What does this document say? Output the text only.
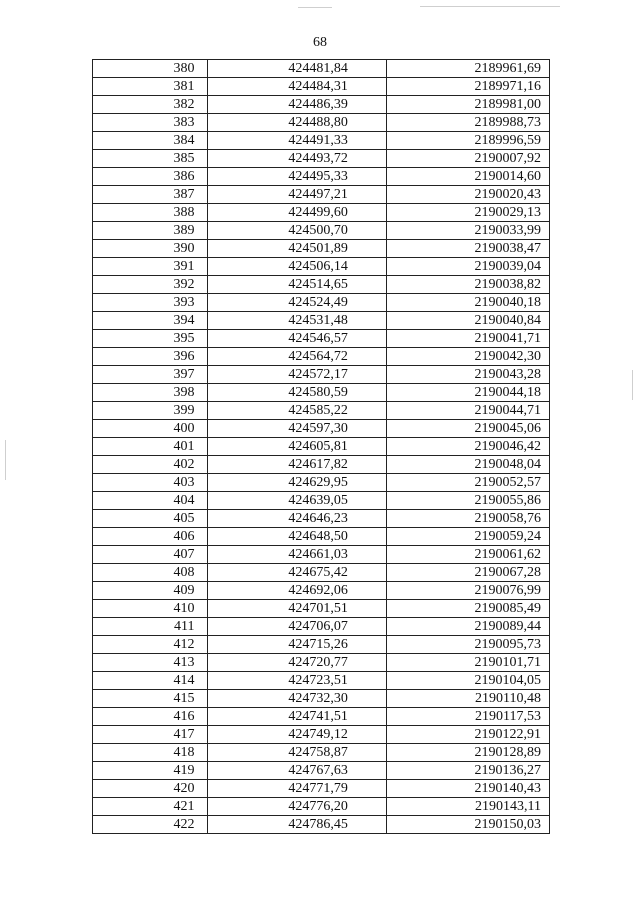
68
380	424481,84	2189961,69
381	424484,31	2189971,16
382	424486,39	2189981,00
383	424488,80	2189988,73
384	424491,33	2189996,59
385	424493,72	2190007,92
386	424495,33	2190014,60
387	424497,21	2190020,43
388	424499,60	2190029,13
389	424500,70	2190033,99
390	424501,89	2190038,47
391	424506,14	2190039,04
392	424514,65	2190038,82
393	424524,49	2190040,18
394	424531,48	2190040,84
395	424546,57	2190041,71
396	424564,72	2190042,30
397	424572,17	2190043,28
398	424580,59	2190044,18
399	424585,22	2190044,71
400	424597,30	2190045,06
401	424605,81	2190046,42
402	424617,82	2190048,04
403	424629,95	2190052,57
404	424639,05	2190055,86
405	424646,23	2190058,76
406	424648,50	2190059,24
407	424661,03	2190061,62
408	424675,42	2190067,28
409	424692,06	2190076,99
410	424701,51	2190085,49
411	424706,07	2190089,44
412	424715,26	2190095,73
413	424720,77	2190101,71
414	424723,51	2190104,05
415	424732,30	2190110,48
416	424741,51	2190117,53
417	424749,12	2190122,91
418	424758,87	2190128,89
419	424767,63	2190136,27
420	424771,79	2190140,43
421	424776,20	2190143,11
422	424786,45	2190150,03
